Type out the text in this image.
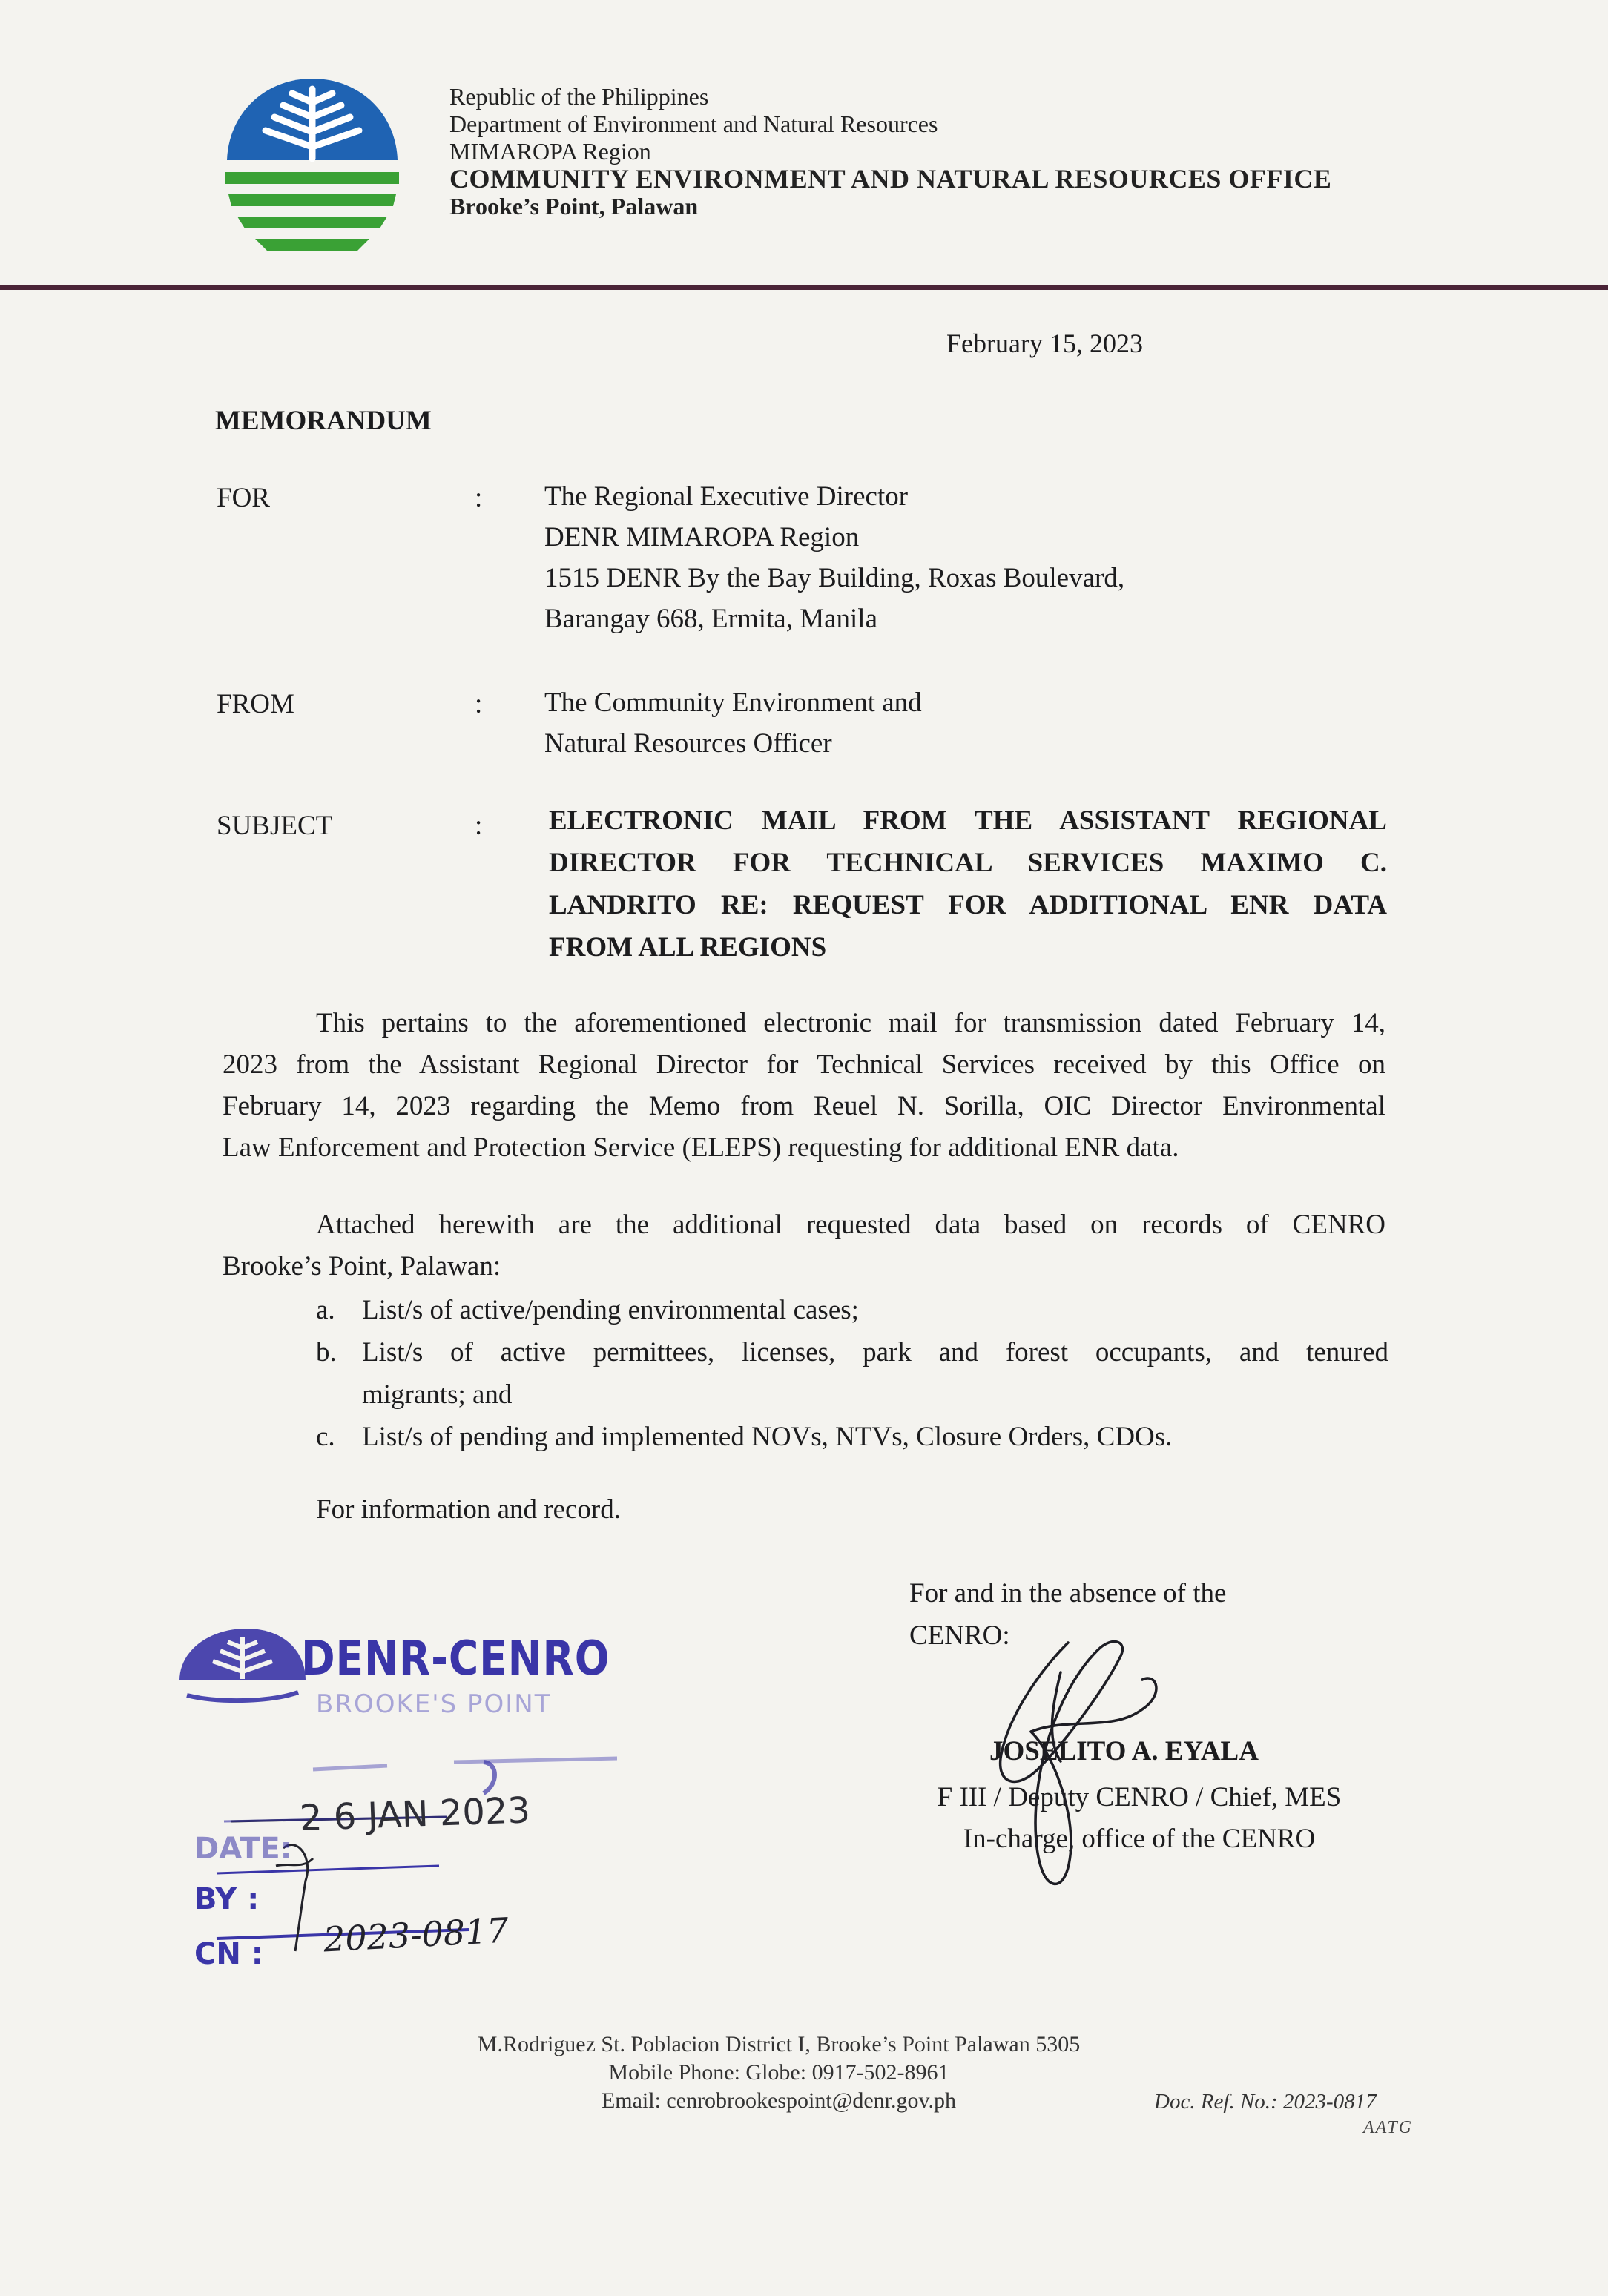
Republic of the Philippines
Department of Environment and Natural Resources
MIMAROPA Region
COMMUNITY ENVIRONMENT AND NATURAL RESOURCES OFFICE
Brooke’s Point, Palawan
February 15, 2023
MEMORANDUM
FOR	: The Regional Executive Director
DENR MIMAROPA Region
1515 DENR By the Bay Building, Roxas Boulevard,
Barangay 668, Ermita, Manila
FROM	: The Community Environment and
Natural Resources Officer
SUBJECT	: ELECTRONIC MAIL FROM THE ASSISTANT REGIONAL
DIRECTOR FOR TECHNICAL SERVICES MAXIMO C.
LANDRITO RE: REQUEST FOR ADDITIONAL ENR DATA
FROM ALL REGIONS
This pertains to the aforementioned electronic mail for transmission dated February 14,
2023 from the Assistant Regional Director for Technical Services received by this Office on
February 14, 2023 regarding the Memo from Reuel N. Sorilla, OIC Director Environmental
Law Enforcement and Protection Service (ELEPS) requesting for additional ENR data.
Attached herewith are the additional requested data based on records of CENRO
Brooke’s Point, Palawan:
a. List/s of active/pending environmental cases;
b. List/s of active permittees, licenses, park and forest occupants, and tenured
migrants; and
c. List/s of pending and implemented NOVs, NTVs, Closure Orders, CDOs.
For information and record.
For and in the absence of the
CENRO:
JOSELITO A. EYALA
F III / Deputy CENRO / Chief, MES
In-charge, office of the CENRO
DENR-CENRO
BROOKE'S POINT
2 6 JAN 2023
DATE:
BY :
CN : 2023-0817
M.Rodriguez St. Poblacion District I, Brooke’s Point Palawan 5305
Mobile Phone: Globe: 0917-502-8961
Email: cenrobrookespoint@denr.gov.ph	Doc. Ref. No.: 2023-0817
AATG
